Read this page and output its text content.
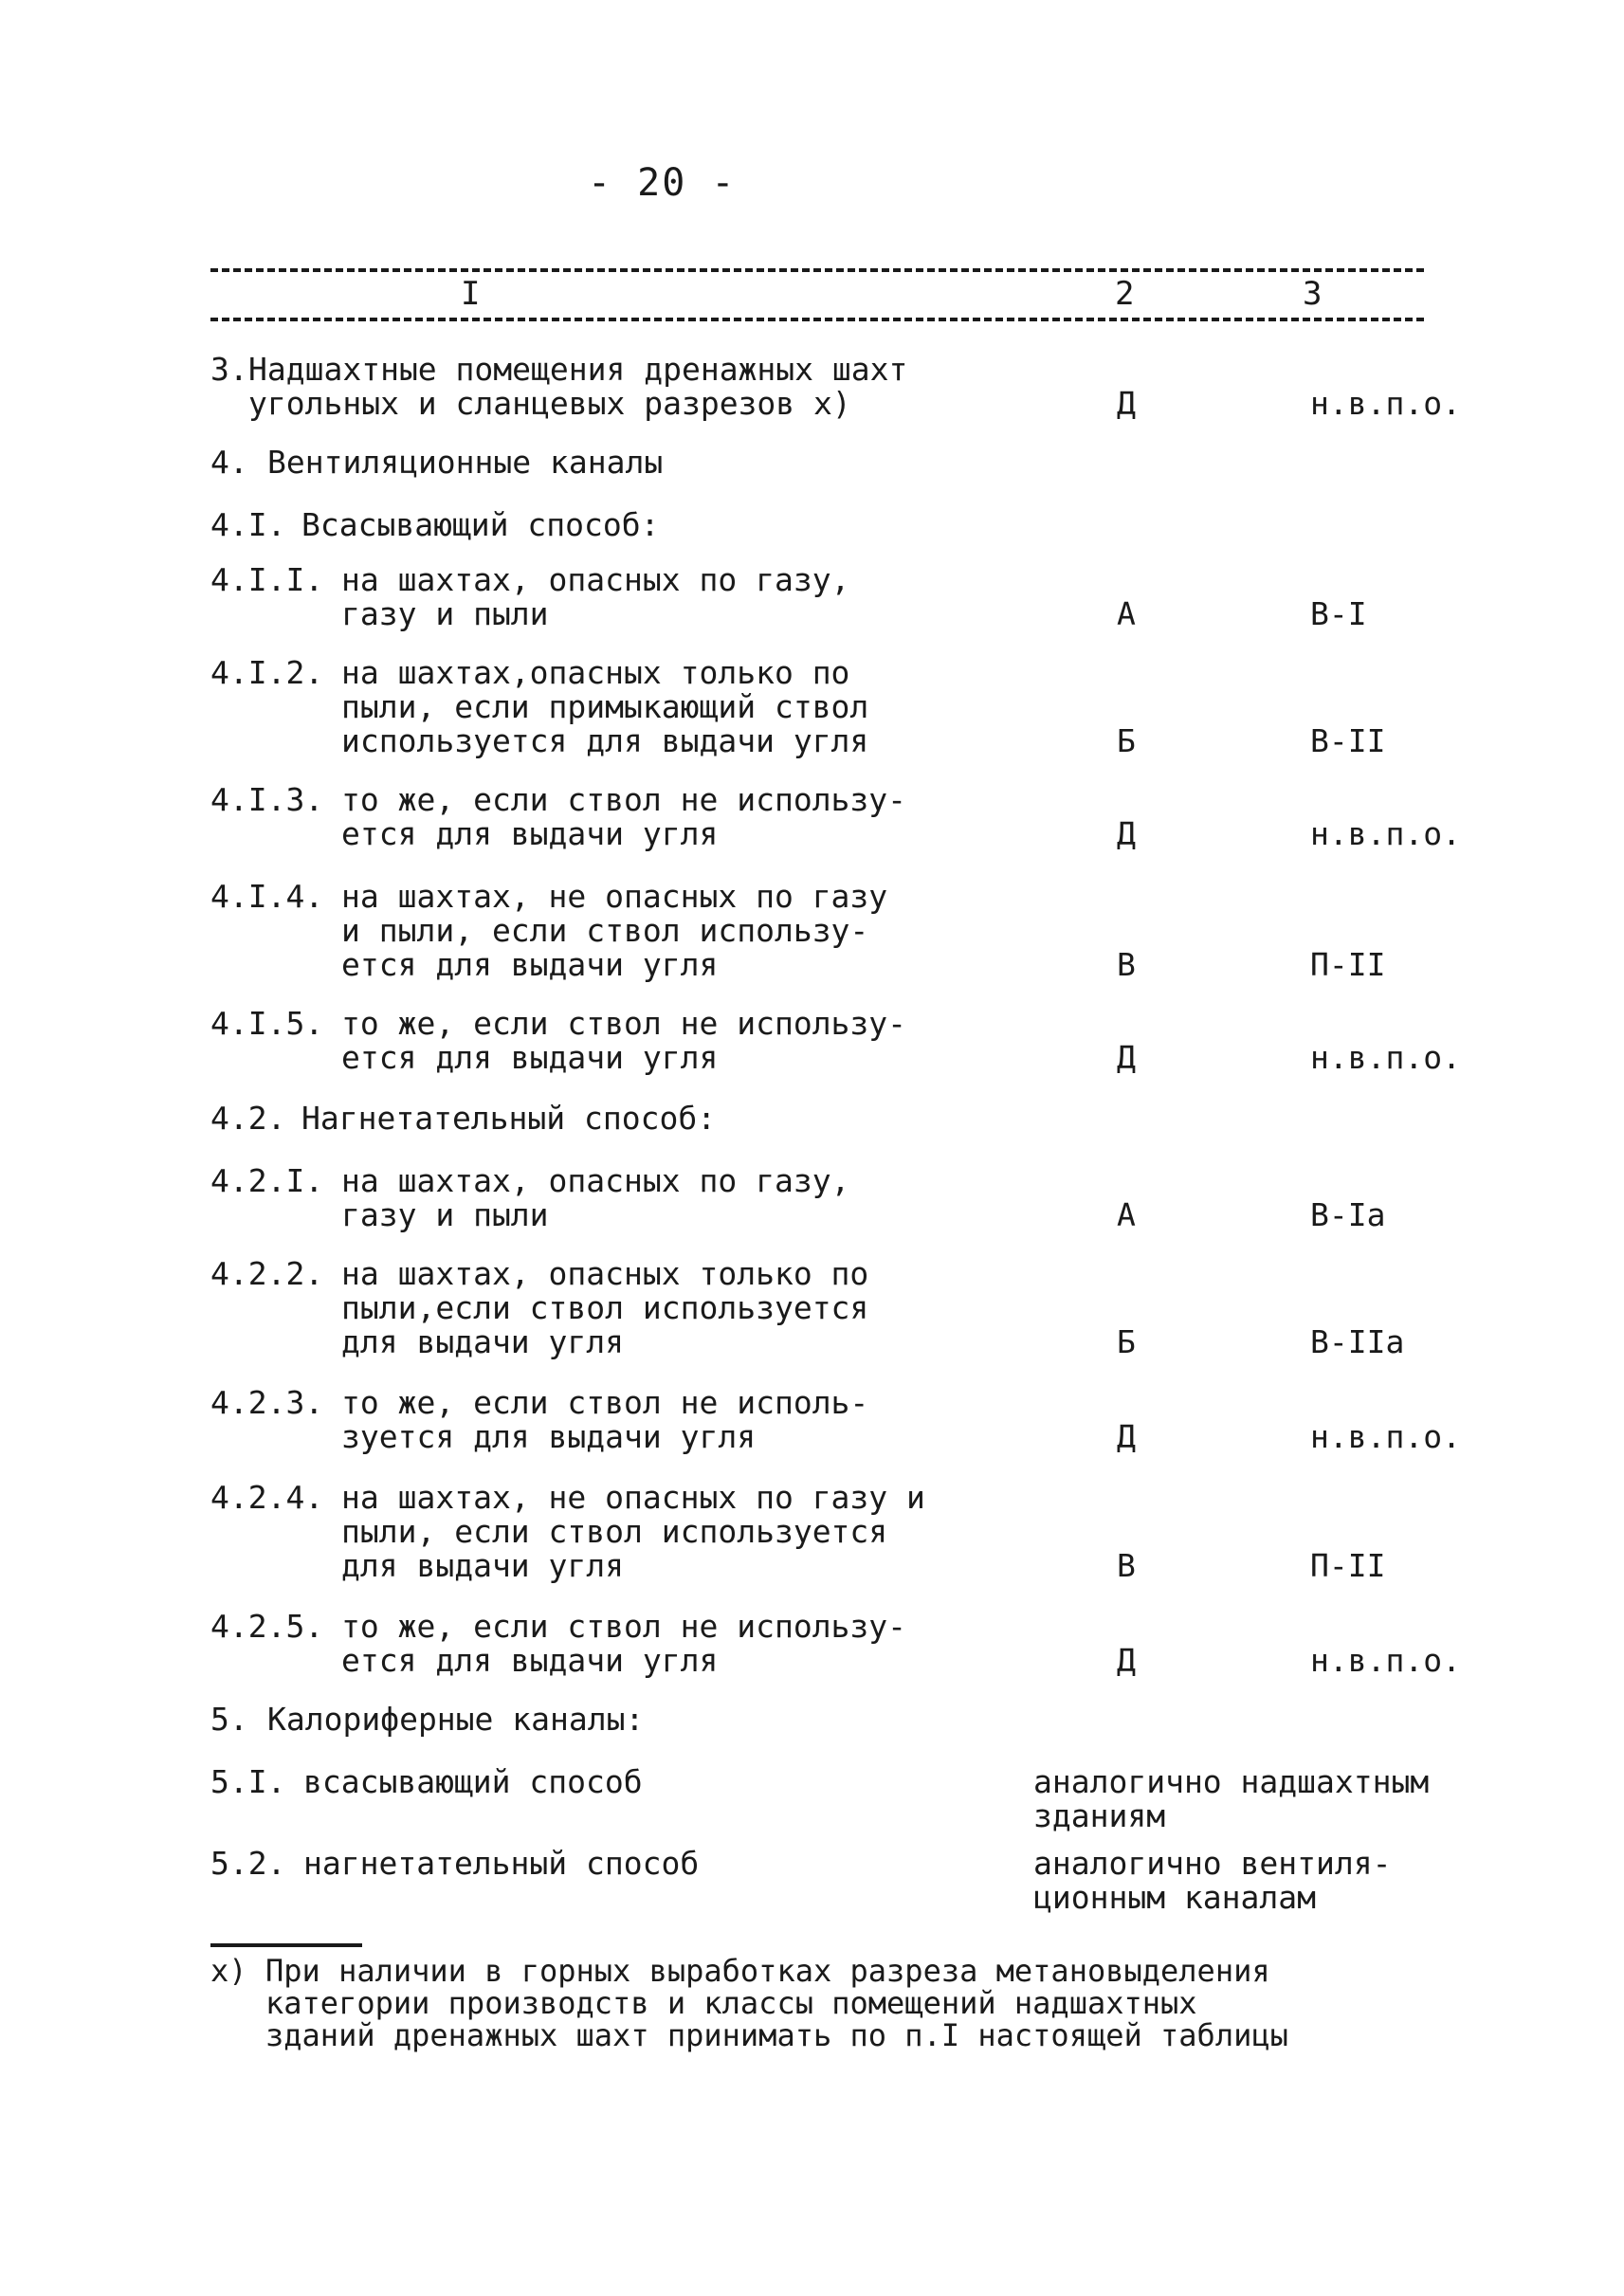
- 20 -
I	2	3
3. Надшахтные помещения дренажных шахт
угольных и сланцевых разрезов х)	Д	н.в.п.о.
4. Вентиляционные каналы
4.I. Всасывающий способ:
4.I.I. на шахтах, опасных по газу,
газу и пыли	А	В-I
4.I.2. на шахтах,опасных только по
пыли, если примыкающий ствол
используется для выдачи угля	Б	В-II
4.I.3. то же, если ствол не использу-
ется для выдачи угля	Д	н.в.п.о.
4.I.4. на шахтах, не опасных по газу
и пыли, если ствол использу-
ется для выдачи угля	В	П-II
4.I.5. то же, если ствол не использу-
ется для выдачи угля	Д	н.в.п.о.
4.2. Нагнетательный способ:
4.2.I. на шахтах, опасных по газу,
газу и пыли	А	В-Iа
4.2.2. на шахтах, опасных только по
пыли,если ствол используется
для выдачи угля	Б	В-IIа
4.2.3. то же, если ствол не исполь-
зуется для выдачи угля	Д	н.в.п.о.
4.2.4. на шахтах, не опасных по газу и
пыли, если ствол используется
для выдачи угля	В	П-II
4.2.5. то же, если ствол не использу-
ется для выдачи угля	Д	н.в.п.о.
5. Калориферные каналы:
5.I. всасывающий способ	аналогично надшахтным
зданиям
5.2. нагнетательный способ	аналогично вентиля-
ционным каналам

х) При наличии в горных выработках разреза метановыделения
категории производств и классы помещений надшахтных
зданий дренажных шахт принимать по п.I настоящей таблицы
